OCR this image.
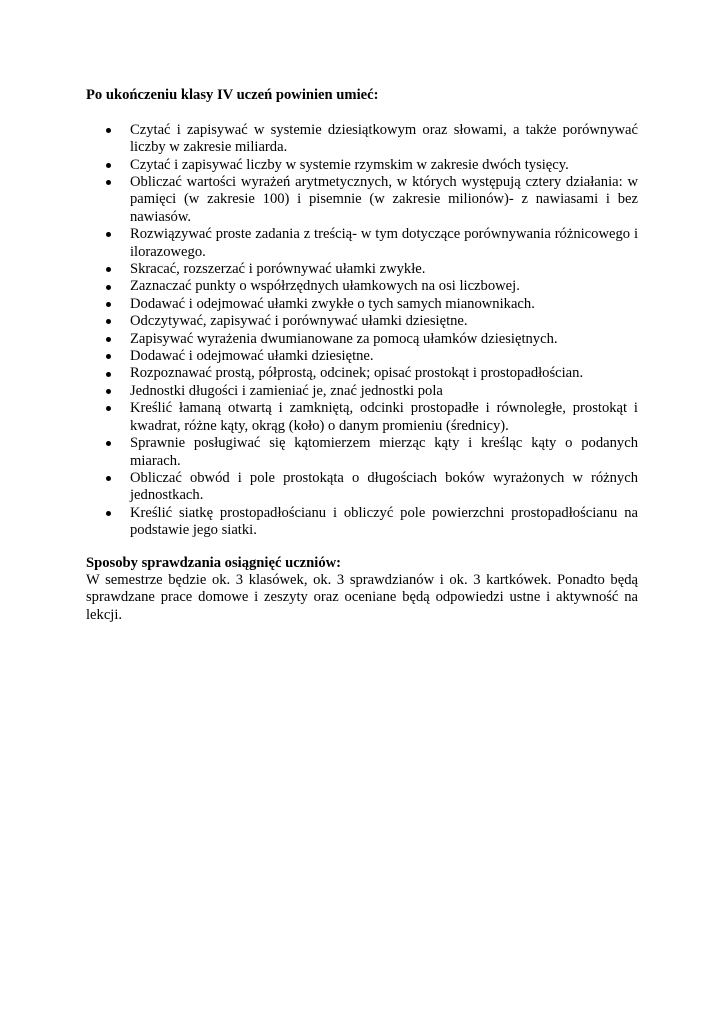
Po ukończeniu klasy IV uczeń powinien umieć:

Czytać i zapisywać w systemie dziesiątkowym oraz słowami, a także porównywać liczby w zakresie miliarda.
Czytać i zapisywać liczby w systemie rzymskim w zakresie dwóch tysięcy.
Obliczać wartości wyrażeń arytmetycznych, w których występują cztery działania: w pamięci (w zakresie 100) i pisemnie (w zakresie milionów)- z nawiasami i bez nawiasów.
Rozwiązywać proste zadania z treścią- w tym dotyczące porównywania różnicowego i ilorazowego.
Skracać, rozszerzać i porównywać ułamki zwykłe.
Zaznaczać punkty o współrzędnych ułamkowych na osi liczbowej.
Dodawać i odejmować ułamki zwykłe o tych samych mianownikach.
Odczytywać, zapisywać i porównywać ułamki dziesiętne.
Zapisywać wyrażenia dwumianowane za pomocą ułamków dziesiętnych.
Dodawać i odejmować ułamki dziesiętne.
Rozpoznawać prostą, półprostą, odcinek; opisać prostokąt i prostopadłościan.
Jednostki długości i zamieniać je, znać jednostki pola
Kreślić łamaną otwartą i zamkniętą, odcinki prostopadłe i równoległe, prostokąt i kwadrat, różne kąty, okrąg (koło) o danym promieniu (średnicy).
Sprawnie posługiwać się kątomierzem mierząc kąty i kreśląc kąty o podanych miarach.
Obliczać obwód i pole prostokąta o długościach boków wyrażonych w różnych jednostkach.
Kreślić siatkę prostopadłościanu i obliczyć pole powierzchni prostopadłościanu na podstawie jego siatki.

Sposoby sprawdzania osiągnięć uczniów:

W semestrze będzie ok. 3 klasówek, ok. 3 sprawdzianów i ok. 3 kartkówek. Ponadto będą sprawdzane prace domowe i zeszyty oraz oceniane będą odpowiedzi ustne i aktywność na lekcji.
